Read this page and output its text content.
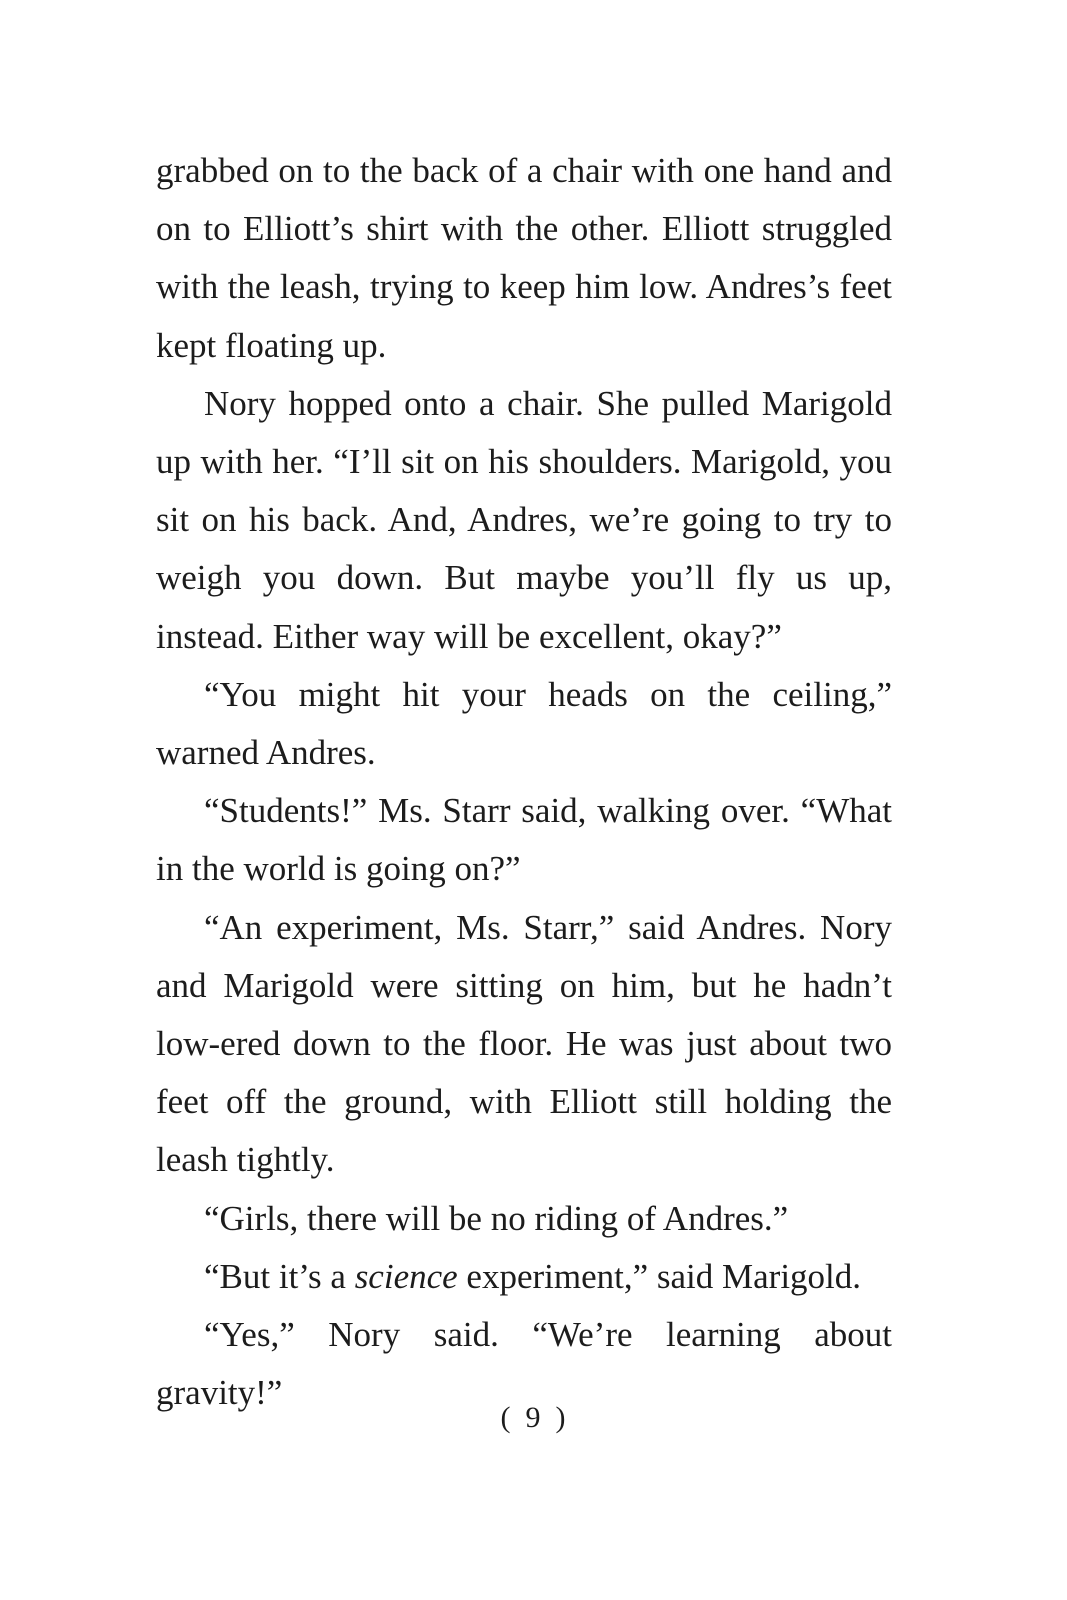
grabbed on to the back of a chair with one hand and on to Elliott’s shirt with the other. Elliott struggled with the leash, trying to keep him low. Andres’s feet kept floating up.

Nory hopped onto a chair. She pulled Marigold up with her. “I’ll sit on his shoulders. Marigold, you sit on his back. And, Andres, we’re going to try to weigh you down. But maybe you’ll fly us up, instead. Either way will be excellent, okay?”

“You might hit your heads on the ceiling,” warned Andres.

“Students!” Ms. Starr said, walking over. “What in the world is going on?”

“An experiment, Ms. Starr,” said Andres. Nory and Marigold were sitting on him, but he hadn’t low-ered down to the floor. He was just about two feet off the ground, with Elliott still holding the leash tightly.

“Girls, there will be no riding of Andres.”

“But it’s a science experiment,” said Marigold.

“Yes,” Nory said. “We’re learning about gravity!”

( 9 )
